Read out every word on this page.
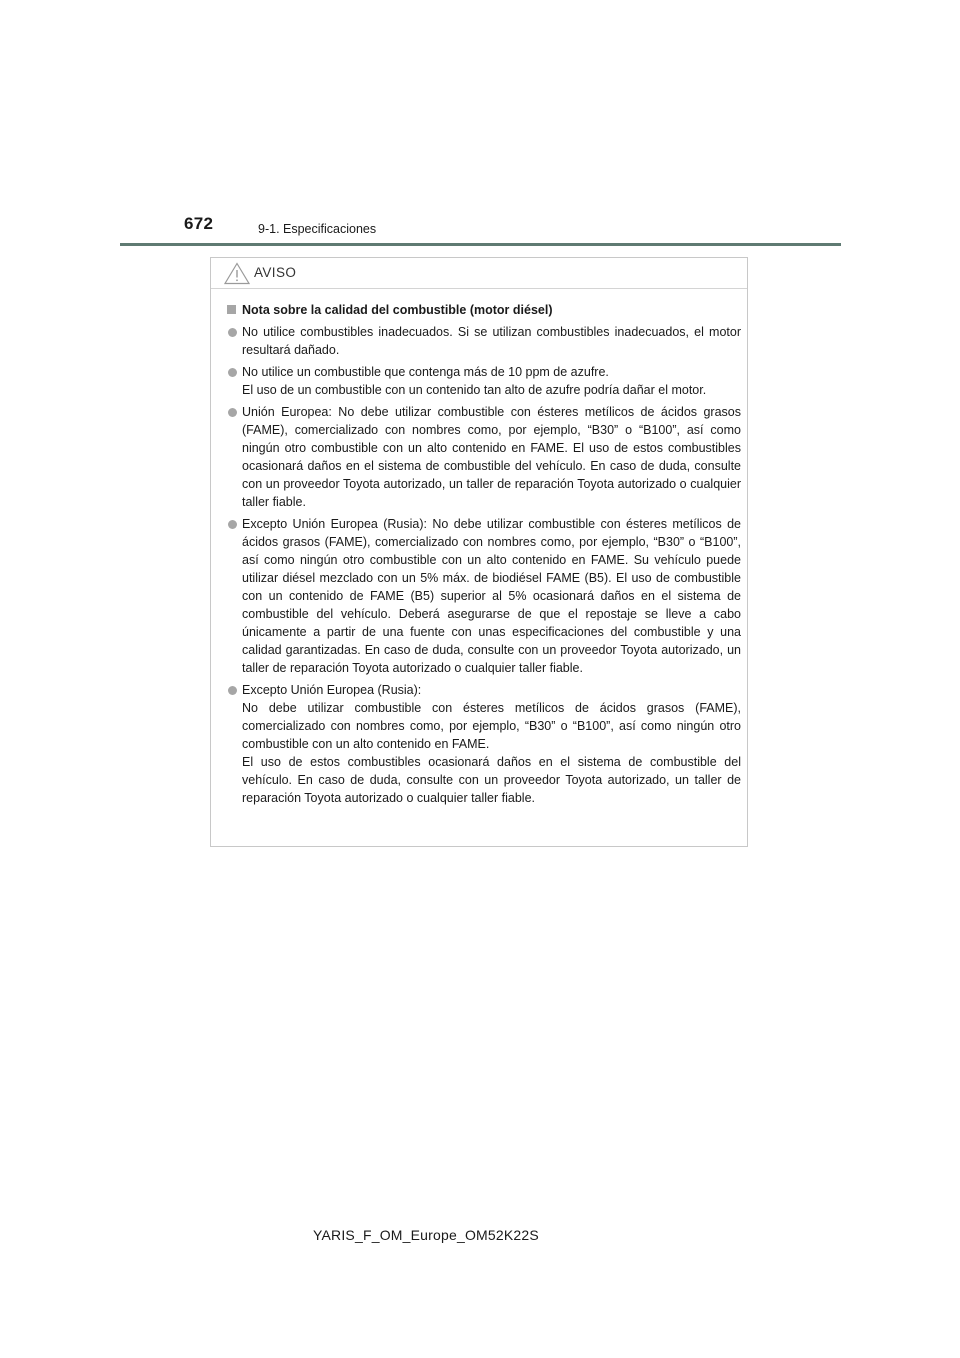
672	9-1. Especificaciones
AVISO
Nota sobre la calidad del combustible (motor diésel)

No utilice combustibles inadecuados. Si se utilizan combustibles inadecuados, el motor resultará dañado.

No utilice un combustible que contenga más de 10 ppm de azufre.

El uso de un combustible con un contenido tan alto de azufre podría dañar el motor.

Unión Europea: No debe utilizar combustible con ésteres metílicos de ácidos grasos (FAME), comercializado con nombres como, por ejemplo, “B30” o “B100”, así como ningún otro combustible con un alto contenido en FAME. El uso de estos combustibles ocasionará daños en el sistema de combustible del vehículo. En caso de duda, consulte con un proveedor Toyota autorizado, un taller de reparación Toyota autorizado o cualquier taller fiable.

Excepto Unión Europea (Rusia): No debe utilizar combustible con ésteres metílicos de ácidos grasos (FAME), comercializado con nombres como, por ejemplo, “B30” o “B100”, así como ningún otro combustible con un alto contenido en FAME. Su vehículo puede utilizar diésel mezclado con un 5% máx. de biodiésel FAME (B5). El uso de combustible con un contenido de FAME (B5) superior al 5% ocasionará daños en el sistema de combustible del vehículo. Deberá asegurarse de que el repostaje se lleve a cabo únicamente a partir de una fuente con unas especificaciones del combustible y una calidad garantizadas. En caso de duda, consulte con un proveedor Toyota autorizado, un taller de reparación Toyota autorizado o cualquier taller fiable.

Excepto Unión Europea (Rusia):

No debe utilizar combustible con ésteres metílicos de ácidos grasos (FAME), comercializado con nombres como, por ejemplo, “B30” o “B100”, así como ningún otro combustible con un alto contenido en FAME.

El uso de estos combustibles ocasionará daños en el sistema de combustible del vehículo. En caso de duda, consulte con un proveedor Toyota autorizado, un taller de reparación Toyota autorizado o cualquier taller fiable.

YARIS_F_OM_Europe_OM52K22S
